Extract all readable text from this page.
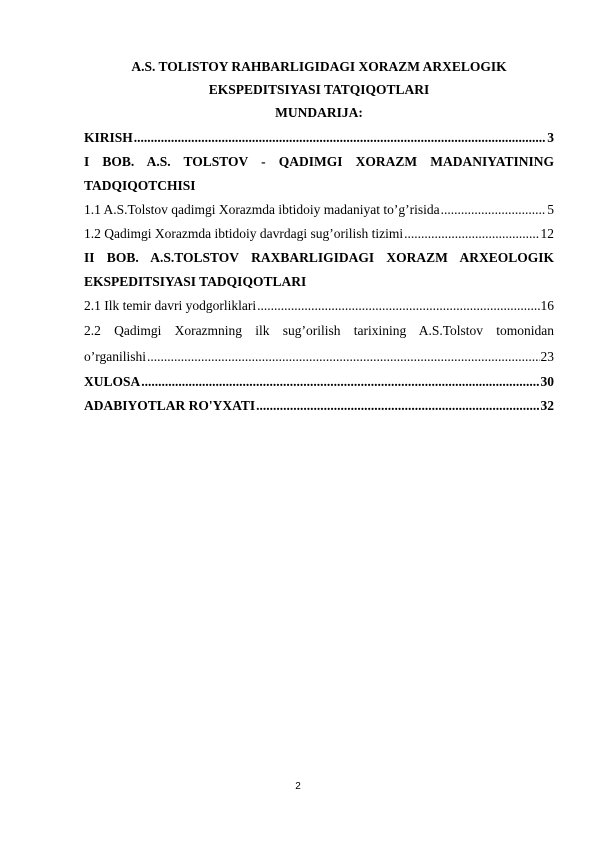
A.S. TOLISTOY RAHBARLIGIDAGI XORAZM ARXELOGIK
EKSPEDITSIYASI TATQIQOTLARI
MUNDARIJA:
KIRISH .....	3
I BOB. A.S. TOLSTOV - QADIMGI XORAZM MADANIYATINING
TADQIQOTCHISI
1.1 A.S.Tolstov qadimgi Xorazmda ibtidoiy madaniyat to’g’risida .....	5
1.2 Qadimgi Xorazmda ibtidoiy davrdagi sug’orilish tizimi .....	12
II BOB. A.S.TOLSTOV RAXBARLIGIDAGI XORAZM ARXEOLOGIK
EKSPEDITSIYASI TADQIQOTLARI
2.1 Ilk temir davri yodgorliklari .....	16
2.2 Qadimgi Xorazmning ilk sug’orilish tarixining A.S.Tolstov tomonidan
o’rganilishi .....	23
XULOSA .....	30
ADABIYOTLAR RO'YXATI .....	32
2
